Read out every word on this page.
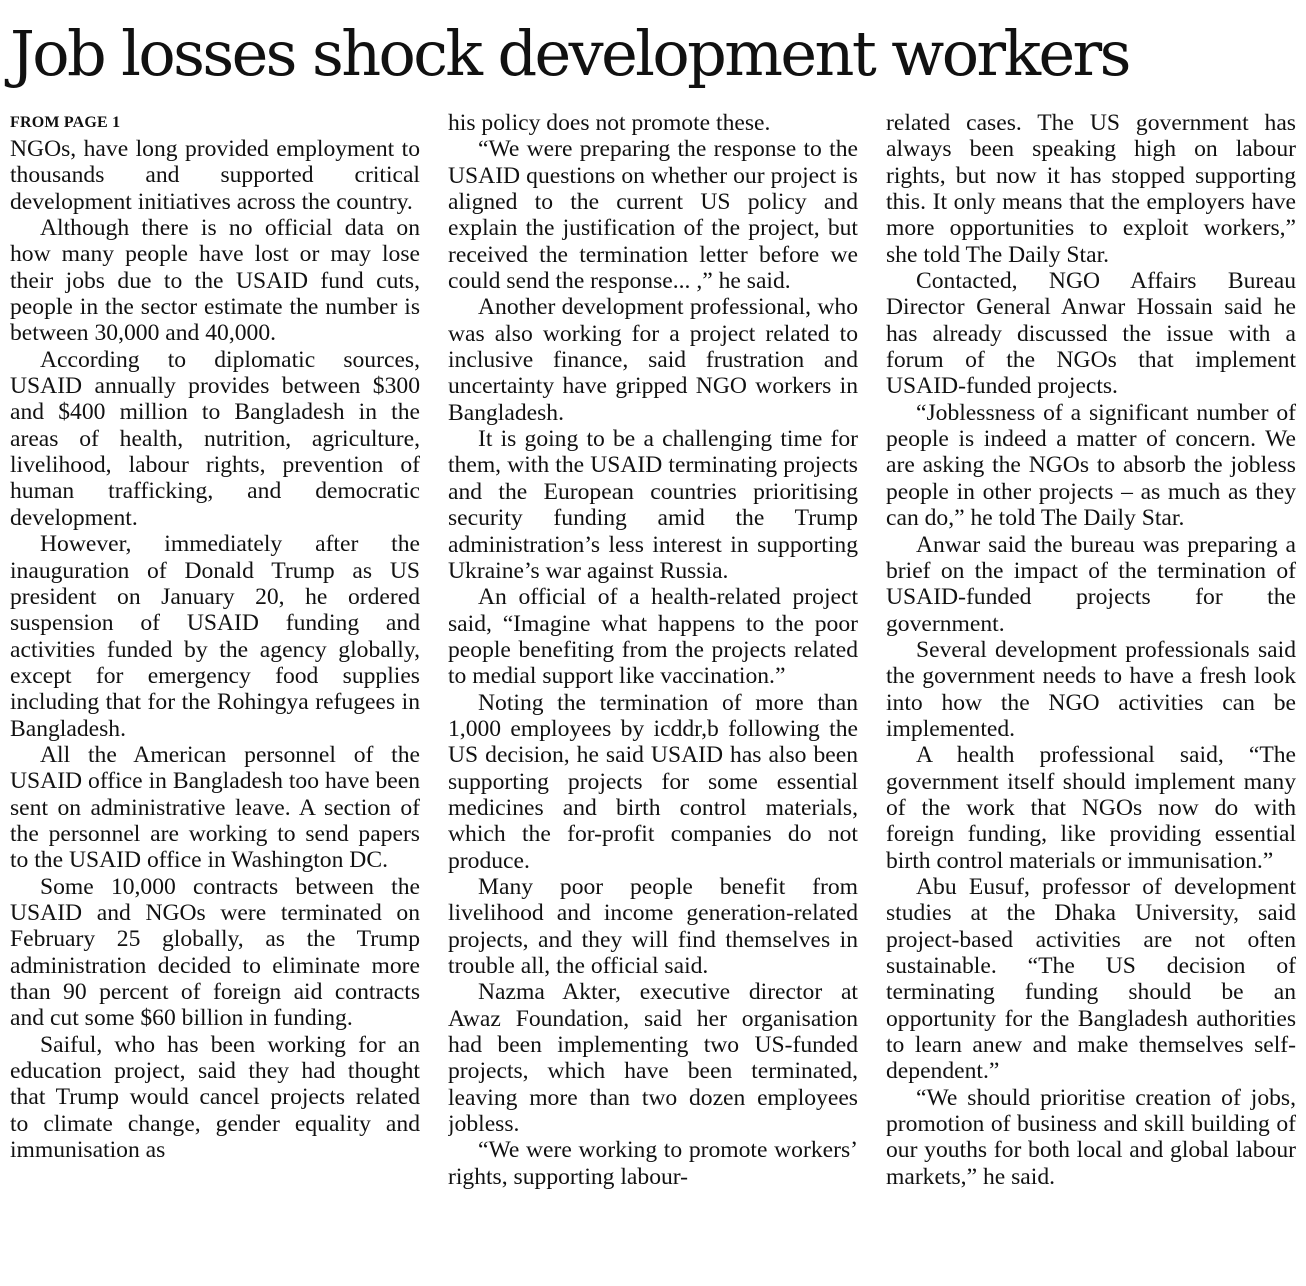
Job losses shock development workers
FROM PAGE 1

NGOs, have long provided employment to thousands and supported critical development initiatives across the country.

Although there is no official data on how many people have lost or may lose their jobs due to the USAID fund cuts, people in the sector estimate the number is between 30,000 and 40,000.

According to diplomatic sources, USAID annually provides between $300 and $400 million to Bangladesh in the areas of health, nutrition, agriculture, livelihood, labour rights, prevention of human trafficking, and democratic development.

However, immediately after the inauguration of Donald Trump as US president on January 20, he ordered suspension of USAID funding and activities funded by the agency globally, except for emergency food supplies including that for the Rohingya refugees in Bangladesh.

All the American personnel of the USAID office in Bangladesh too have been sent on administrative leave. A section of the personnel are working to send papers to the USAID office in Washington DC.

Some 10,000 contracts between the USAID and NGOs were terminated on February 25 globally, as the Trump administration decided to eliminate more than 90 percent of foreign aid contracts and cut some $60 billion in funding.

Saiful, who has been working for an education project, said they had thought that Trump would cancel projects related to climate change, gender equality and immunisation as

his policy does not promote these.

“We were preparing the response to the USAID questions on whether our project is aligned to the current US policy and explain the justification of the project, but received the termination letter before we could send the response... ,” he said.

Another development professional, who was also working for a project related to inclusive finance, said frustration and uncertainty have gripped NGO workers in Bangladesh.

It is going to be a challenging time for them, with the USAID terminating projects and the European countries prioritising security funding amid the Trump administration’s less interest in supporting Ukraine’s war against Russia.

An official of a health-related project said, “Imagine what happens to the poor people benefiting from the projects related to medial support like vaccination.”

Noting the termination of more than 1,000 employees by icddr,b following the US decision, he said USAID has also been supporting projects for some essential medicines and birth control materials, which the for-profit companies do not produce.

Many poor people benefit from livelihood and income generation-related projects, and they will find themselves in trouble all, the official said.

Nazma Akter, executive director at Awaz Foundation, said her organisation had been implementing two US-funded projects, which have been terminated, leaving more than two dozen employees jobless.

“We were working to promote workers’ rights, supporting labour-

related cases. The US government has always been speaking high on labour rights, but now it has stopped supporting this. It only means that the employers have more opportunities to exploit workers,” she told The Daily Star.

Contacted, NGO Affairs Bureau Director General Anwar Hossain said he has already discussed the issue with a forum of the NGOs that implement USAID-funded projects.

“Joblessness of a significant number of people is indeed a matter of concern. We are asking the NGOs to absorb the jobless people in other projects – as much as they can do,” he told The Daily Star.

Anwar said the bureau was preparing a brief on the impact of the termination of USAID-funded projects for the government.

Several development professionals said the government needs to have a fresh look into how the NGO activities can be implemented.

A health professional said, “The government itself should implement many of the work that NGOs now do with foreign funding, like providing essential birth control materials or immunisation.”

Abu Eusuf, professor of development studies at the Dhaka University, said project-based activities are not often sustainable. “The US decision of terminating funding should be an opportunity for the Bangladesh authorities to learn anew and make themselves self-dependent.”

“We should prioritise creation of jobs, promotion of business and skill building of our youths for both local and global labour markets,” he said.
